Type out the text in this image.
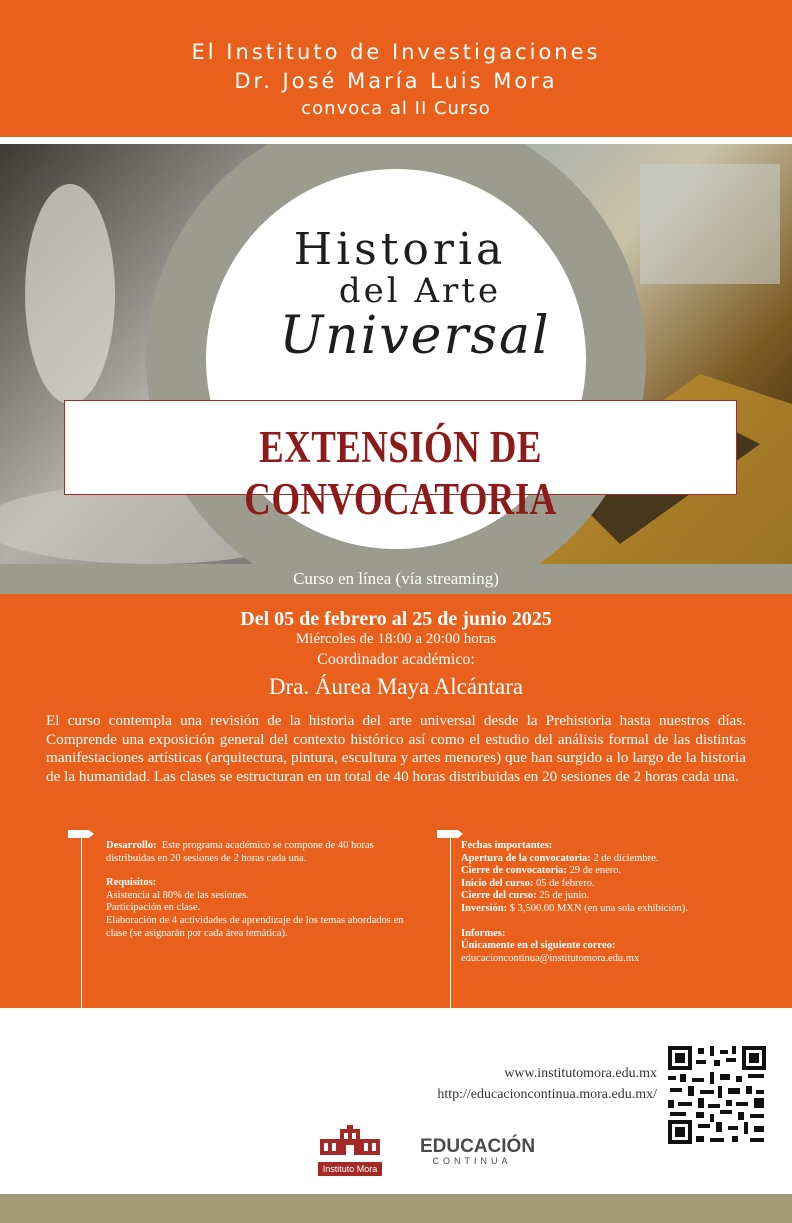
El Instituto de Investigaciones
Dr. José María Luis Mora
convoca al II Curso
Historia
del Arte
Universal
EXTENSIÓN DE CONVOCATORIA
Curso en línea (vía streaming)
Del 05 de febrero al 25 de junio 2025
Miércoles de 18:00 a 20:00 horas
Coordinador académico:
Dra. Áurea Maya Alcántara
El curso contempla una revisión de la historia del arte universal desde la Prehistoria hasta nuestros días. Comprende una exposición general del contexto histórico así como el estudio del análisis formal de las distintas manifestaciones artísticas (arquitectura, pintura, escultura y artes menores) que han surgido a lo largo de la historia de la humanidad. Las clases se estructuran en un total de 40 horas distribuidas en 20 sesiones de 2 horas cada una.

Desarrollo: Este programa académico se compone de 40 horas distribuidas en 20 sesiones de 2 horas cada una.

Requisitos:
Asistencia al 80% de las sesiones.
Participación en clase.
Elaboración de 4 actividades de aprendizaje de los temas abordados en clase (se asignarán por cada área temática).

Fechas importantes:
Apertura de la convocatoria: 2 de diciembre.
Cierre de convocatoria: 29 de enero.
Inicio del curso: 05 de febrero.
Cierre del curso: 25 de junio.
Inversión: $ 3,500.00 MXN (en una sola exhibición).

Informes:
Únicamente en el siguiente correo:
educacioncontinua@institutomora.edu.mx

www.institutomora.edu.mx
http://educacioncontinua.mora.edu.mx/
Instituto Mora
EDUCACIÓN
CONTINUA
